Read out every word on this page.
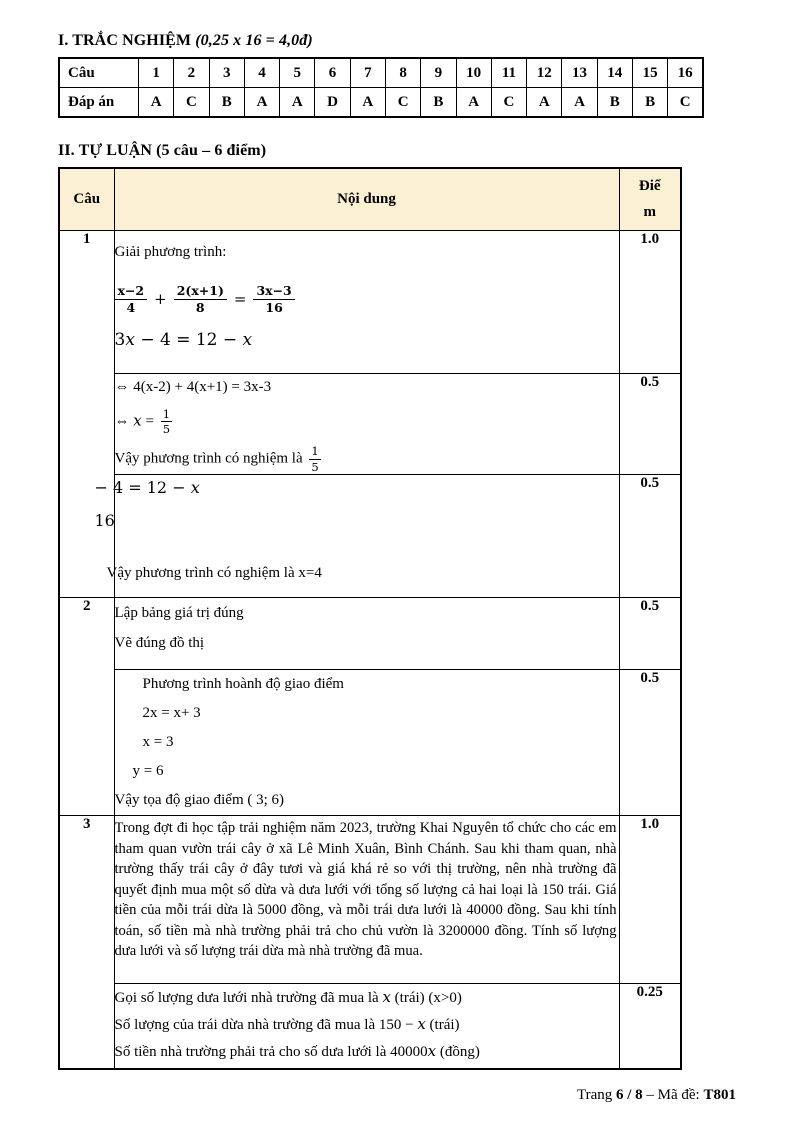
I. TRẮC NGHIỆM (0,25 x 16 = 4,0đ)
Câu	1	2	3	4	5	6	7	8	9	10	11	12	13	14	15	16
Đáp án	A	C	B	A	A	D	A	C	B	A	C	A	A	B	B	C
II. TỰ LUẬN (5 câu – 6 điểm)
Câu	Nội dung	Điể
m

1	
Giải phương trình:
$\frac{x-2}{4} + \frac{2(x+1)}{8} = \frac{3x-3}{16}$
3x − 4 = 12 − x
	1.0

⇔ 4(x-2) + 4(x+1) = 3x-3
⇔ $x = \frac{1}{5}$
Vậy phương trình có nghiệm là $\frac{1}{5}$
	0.5

	− 4 = 12 − x
16
Vậy phương trình có nghiệm là x=4	0.5
2	Lập bảng giá trị đúng
Vẽ đúng đồ thị	0.5

	Phương trình hoành độ giao điểm
2x = x+ 3
x = 3
y = 6
Vậy tọa độ giao điểm ( 3; 6)	0.5
3	Trong đợt đi học tập trải nghiệm năm 2023, trường Khai Nguyên tổ chức cho các em tham quan vườn trái cây ở xã Lê Minh Xuân, Bình Chánh. Sau khi tham quan, nhà trường thấy trái cây ở đây tươi và giá khá rẻ so với thị trường, nên nhà trường đã quyết định mua một số dừa và dưa lưới với tổng số lượng cả hai loại là 150 trái. Giá tiền của mỗi trái dừa là 5000 đồng, và mỗi trái dưa lưới là 40000 đồng. Sau khi tính toán, số tiền mà nhà trường phải trả cho chủ vườn là 3200000 đồng. Tính số lượng dưa lưới và số lượng trái dừa mà nhà trường đã mua.	1.0

	Gọi số lượng dưa lưới nhà trường đã mua là x (trái) (x>0)
Số lượng của trái dừa nhà trường đã mua là 150 − x (trái)
Số tiền nhà trường phải trả cho số dưa lưới là 40000x (đồng)	0.25
Trang 6 / 8 – Mã đề: T801
